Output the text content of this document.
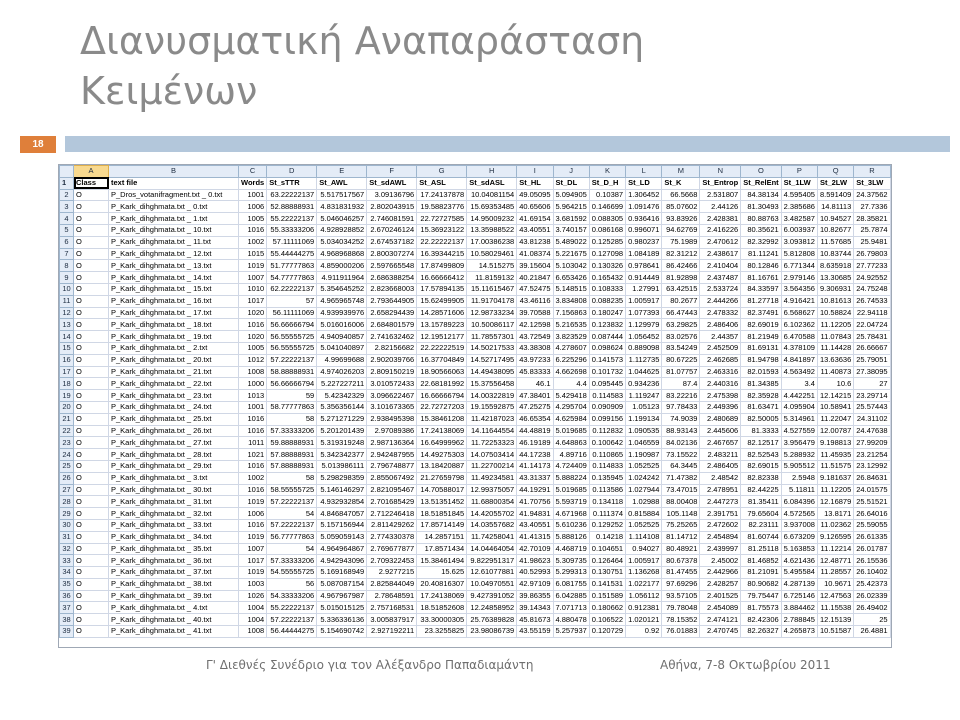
Διανυσματική Αναπαράσταση
Κειμένων
18
	A	B	C	D	E	F	G	H	I	J	K	L	M	N	O	P	Q	R
1	Class	text file	Words	St_sTTR	St_AWL	St_sdAWL	St_ASL	St_sdASL	St_HL	St_DL	St_D_H	St_LD	St_K	St_Entrop	St_RelEnt	St_1LW	St_2LW	St_3LW
2	O	P_Dros_votanifragment.txt _ 0.txt	1001	63.22222137	5.517517567	3.09136796	17.24137878	10.04081154	49.05095	5.094905	0.10387	1.306452	66.5668	2.531807	84.38134	4.595405	8.591409	24.37562
3	O	P_Kark_dihghmata.txt _ 0.txt	1006	52.88888931	4.831831932	2.802043915	19.58823776	15.69353485	40.65606	5.964215	0.146699	1.091476	85.07602	2.44126	81.30493	2.385686	14.81113	27.7336
4	O	P_Kark_dihghmata.txt _ 1.txt	1005	55.22222137	5.046046257	2.746081591	22.72727585	14.95009232	41.69154	3.681592	0.088305	0.936416	93.83926	2.428381	80.88763	3.482587	10.94527	28.35821
5	O	P_Kark_dihghmata.txt _ 10.txt	1016	55.33333206	4.928928852	2.670246124	15.36923122	13.35988522	43.40551	3.740157	0.086168	0.996071	94.62769	2.416226	80.35621	6.003937	10.82677	25.7874
6	O	P_Kark_dihghmata.txt _ 11.txt	1002	57.11111069	5.034034252	2.674537182	22.22222137	17.00386238	43.81238	5.489022	0.125285	0.980237	75.1989	2.470612	82.32992	3.093812	11.57685	25.9481
7	O	P_Kark_dihghmata.txt _ 12.txt	1015	55.44444275	4.968968868	2.800307274	16.39344215	10.58029461	41.08374	5.221675	0.127098	1.084189	82.31212	2.438617	81.11241	5.812808	10.83744	26.79803
8	O	P_Kark_dihghmata.txt _ 13.txt	1019	51.77777863	4.859000206	2.597665548	17.87499809	14.515275	39.15604	5.103042	0.130326	0.978641	86.42466	2.410404	80.12846	6.771344	8.635918	27.77233
9	O	P_Kark_dihghmata.txt _ 14.txt	1007	54.77777863	4.911911964	2.686388254	16.66666412	11.8159132	40.21847	6.653426	0.165432	0.914449	81.92898	2.437487	81.16761	2.979146	13.30685	24.92552
10	O	P_Kark_dihghmata.txt _ 15.txt	1010	62.22222137	5.354645252	2.823668003	17.57894135	15.11615467	47.52475	5.148515	0.108333	1.27991	63.42515	2.533724	84.33597	3.564356	9.306931	24.75248
11	O	P_Kark_dihghmata.txt _ 16.txt	1017	57	4.965965748	2.793644905	15.62499905	11.91704178	43.46116	3.834808	0.088235	1.005917	80.2677	2.444266	81.27718	4.916421	10.81613	26.74533
12	O	P_Kark_dihghmata.txt _ 17.txt	1020	56.11111069	4.939939976	2.658294439	14.28571606	12.98733234	39.70588	7.156863	0.180247	1.077393	66.47443	2.478332	82.37491	6.568627	10.58824	22.94118
13	O	P_Kark_dihghmata.txt _ 18.txt	1016	56.66666794	5.016016006	2.684801579	13.15789223	10.50086117	42.12598	5.216535	0.123832	1.129979	63.29825	2.486406	82.69019	6.102362	11.12205	22.04724
14	O	P_Kark_dihghmata.txt _ 19.txt	1020	56.55555725	4.940940857	2.741632462	12.19512177	11.78557301	43.72549	3.823529	0.087444	1.056452	83.02576	2.44357	81.21949	6.470588	11.07843	25.78431
15	O	P_Kark_dihghmata.txt _ 2.txt	1005	56.55555725	5.041040897	2.82156682	22.22222519	14.50217533	43.38308	4.278607	0.098624	0.889098	83.54249	2.452509	81.69131	4.378109	11.14428	26.66667
16	O	P_Kark_dihghmata.txt _ 20.txt	1012	57.22222137	4.99699688	2.902039766	16.37704849	14.52717495	43.97233	6.225296	0.141573	1.112735	80.67225	2.462685	81.94798	4.841897	13.63636	25.79051
17	O	P_Kark_dihghmata.txt _ 21.txt	1008	58.88888931	4.974026203	2.809150219	18.90566063	14.49438095	45.83333	4.662698	0.101732	1.044625	81.07757	2.463316	82.01593	4.563492	11.40873	27.38095
18	O	P_Kark_dihghmata.txt _ 22.txt	1000	56.66666794	5.227227211	3.010572433	22.68181992	15.37556458	46.1	4.4	0.095445	0.934236	87.4	2.440316	81.34385	3.4	10.6	27
19	O	P_Kark_dihghmata.txt _ 23.txt	1013	59	5.42342329	3.096622467	16.66666794	14.00322819	47.38401	5.429418	0.114583	1.119247	83.22216	2.475398	82.35928	4.442251	12.14215	23.29714
20	O	P_Kark_dihghmata.txt _ 24.txt	1001	58.77777863	5.356356144	3.101673365	22.72727203	19.15592875	47.25275	4.295704	0.090909	1.05123	97.78433	2.449396	81.63471	4.095904	10.58941	25.57443
21	O	P_Kark_dihghmata.txt _ 25.txt	1016	58	5.271271229	2.938495398	15.38461208	11.42187023	46.65354	4.625984	0.099156	1.199134	74.9039	2.480689	82.50005	5.314961	11.22047	24.31102
22	O	P_Kark_dihghmata.txt _ 26.txt	1016	57.33333206	5.201201439	2.97089386	17.24138069	14.11644554	44.48819	5.019685	0.112832	1.090535	88.93143	2.445606	81.3333	4.527559	12.00787	24.47638
23	O	P_Kark_dihghmata.txt _ 27.txt	1011	59.88888931	5.319319248	2.987136364	16.64999962	11.72253323	46.19189	4.648863	0.100642	1.046559	84.02136	2.467657	82.12517	3.956479	9.198813	27.99209
24	O	P_Kark_dihghmata.txt _ 28.txt	1021	57.88888931	5.342342377	2.942487955	14.49275303	14.07503414	44.17238	4.89716	0.110865	1.190987	73.15522	2.483211	82.52543	5.288932	11.45935	23.21254
25	O	P_Kark_dihghmata.txt _ 29.txt	1016	57.88888931	5.013986111	2.796748877	13.18420887	11.22700214	41.14173	4.724409	0.114833	1.052525	64.3445	2.486405	82.69015	5.905512	11.51575	23.12992
26	O	P_Kark_dihghmata.txt _ 3.txt	1002	58	5.298298359	2.855067492	21.27659798	11.49234581	43.31337	5.888224	0.135945	1.024242	71.47382	2.48542	82.82338	2.5948	9.181637	26.84631
27	O	P_Kark_dihghmata.txt _ 30.txt	1016	58.55555725	5.146146297	2.821095467	14.70588017	12.99375057	44.19291	5.019685	0.113586	1.027944	73.47015	2.478951	82.44225	5.11811	11.12205	24.01575
28	O	P_Kark_dihghmata.txt _ 31.txt	1019	57.22222137	4.932932854	2.701685429	13.51351452	11.68800354	41.70756	5.593719	0.134118	1.02988	88.00408	2.447273	81.35411	6.084396	12.16879	25.51521
29	O	P_Kark_dihghmata.txt _ 32.txt	1006	54	4.846847057	2.712246418	18.51851845	14.42055702	41.94831	4.671968	0.111374	0.815884	105.1148	2.391751	79.65604	4.572565	13.8171	26.64016
30	O	P_Kark_dihghmata.txt _ 33.txt	1016	57.22222137	5.157156944	2.811429262	17.85714149	14.03557682	43.40551	5.610236	0.129252	1.052525	75.25265	2.472602	82.23111	3.937008	11.02362	25.59055
31	O	P_Kark_dihghmata.txt _ 34.txt	1019	56.77777863	5.059059143	2.774330378	14.2857151	11.74258041	41.41315	5.888126	0.14218	1.114108	81.14712	2.454894	81.60744	6.673209	9.126595	26.61335
32	O	P_Kark_dihghmata.txt _ 35.txt	1007	54	4.964964867	2.769677877	17.8571434	14.04464054	42.70109	4.468719	0.104651	0.94027	80.48921	2.439997	81.25118	5.163853	11.12214	26.01787
33	O	P_Kark_dihghmata.txt _ 36.txt	1017	57.33333206	4.942943096	2.709322453	15.38461494	9.822951317	41.98623	5.309735	0.126464	1.005917	80.67378	2.45002	81.46852	4.621436	12.48771	26.15536
34	O	P_Kark_dihghmata.txt _ 37.txt	1019	54.55555725	5.169168949	2.9277215	15.625	12.61077881	40.52993	5.299313	0.130751	1.136268	81.47455	2.442966	81.21091	5.495584	11.28557	26.10402
35	O	P_Kark_dihghmata.txt _ 38.txt	1003	56	5.087087154	2.825844049	20.40816307	10.04970551	42.97109	6.081755	0.141531	1.022177	97.69296	2.428257	80.90682	4.287139	10.9671	25.42373
36	O	P_Kark_dihghmata.txt _ 39.txt	1026	54.33333206	4.967967987	2.78648591	17.24138069	9.427391052	39.86355	6.042885	0.151589	1.056112	93.57105	2.401525	79.75447	6.725146	12.47563	26.02339
37	O	P_Kark_dihghmata.txt _ 4.txt	1004	55.22222137	5.015015125	2.757168531	18.51852608	12.24858952	39.14343	7.071713	0.180662	0.912381	79.78048	2.454089	81.75573	3.884462	11.15538	26.49402
38	O	P_Kark_dihghmata.txt _ 40.txt	1004	57.22222137	5.336336136	3.005837917	33.30000305	25.76389828	45.81673	4.880478	0.106522	1.020121	78.15352	2.474121	82.42306	2.788845	12.15139	25
39	O	P_Kark_dihghmata.txt _ 41.txt	1008	56.44444275	5.154690742	2.927192211	23.3255825	23.98086739	43.55159	5.257937	0.120729	0.92	76.01883	2.470745	82.26327	4.265873	10.51587	26.4881
Γ' Διεθνές Συνέδριο για τον Αλέξανδρο Παπαδιαμάντη	Αθήνα, 7-8 Οκτωβρίου 2011
